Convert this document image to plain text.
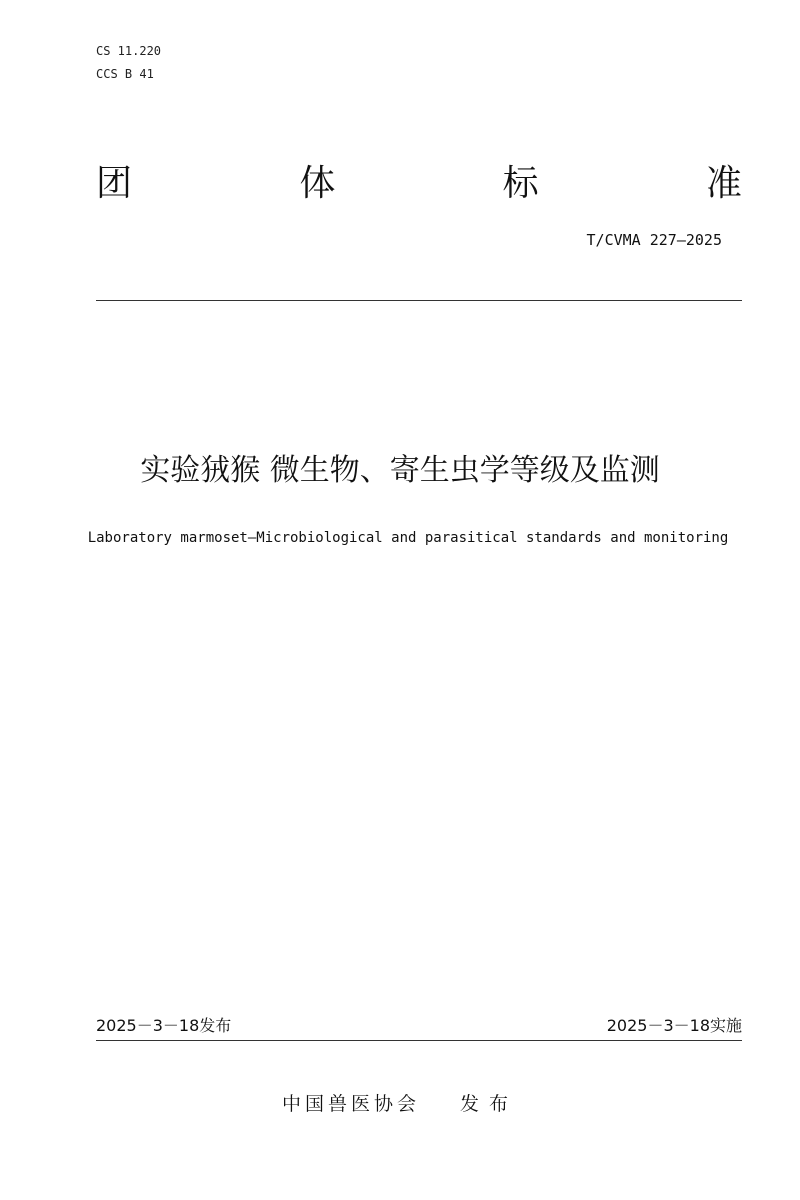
CS 11.220
CCS B 41
团	体	标	准
T/CVMA 227—2025
实验狨猴 微生物、寄生虫学等级及监测
Laboratory marmoset—Microbiological and parasitical standards and monitoring
2025－3－18发布	2025－3－18实施
中国兽医协会 发布
